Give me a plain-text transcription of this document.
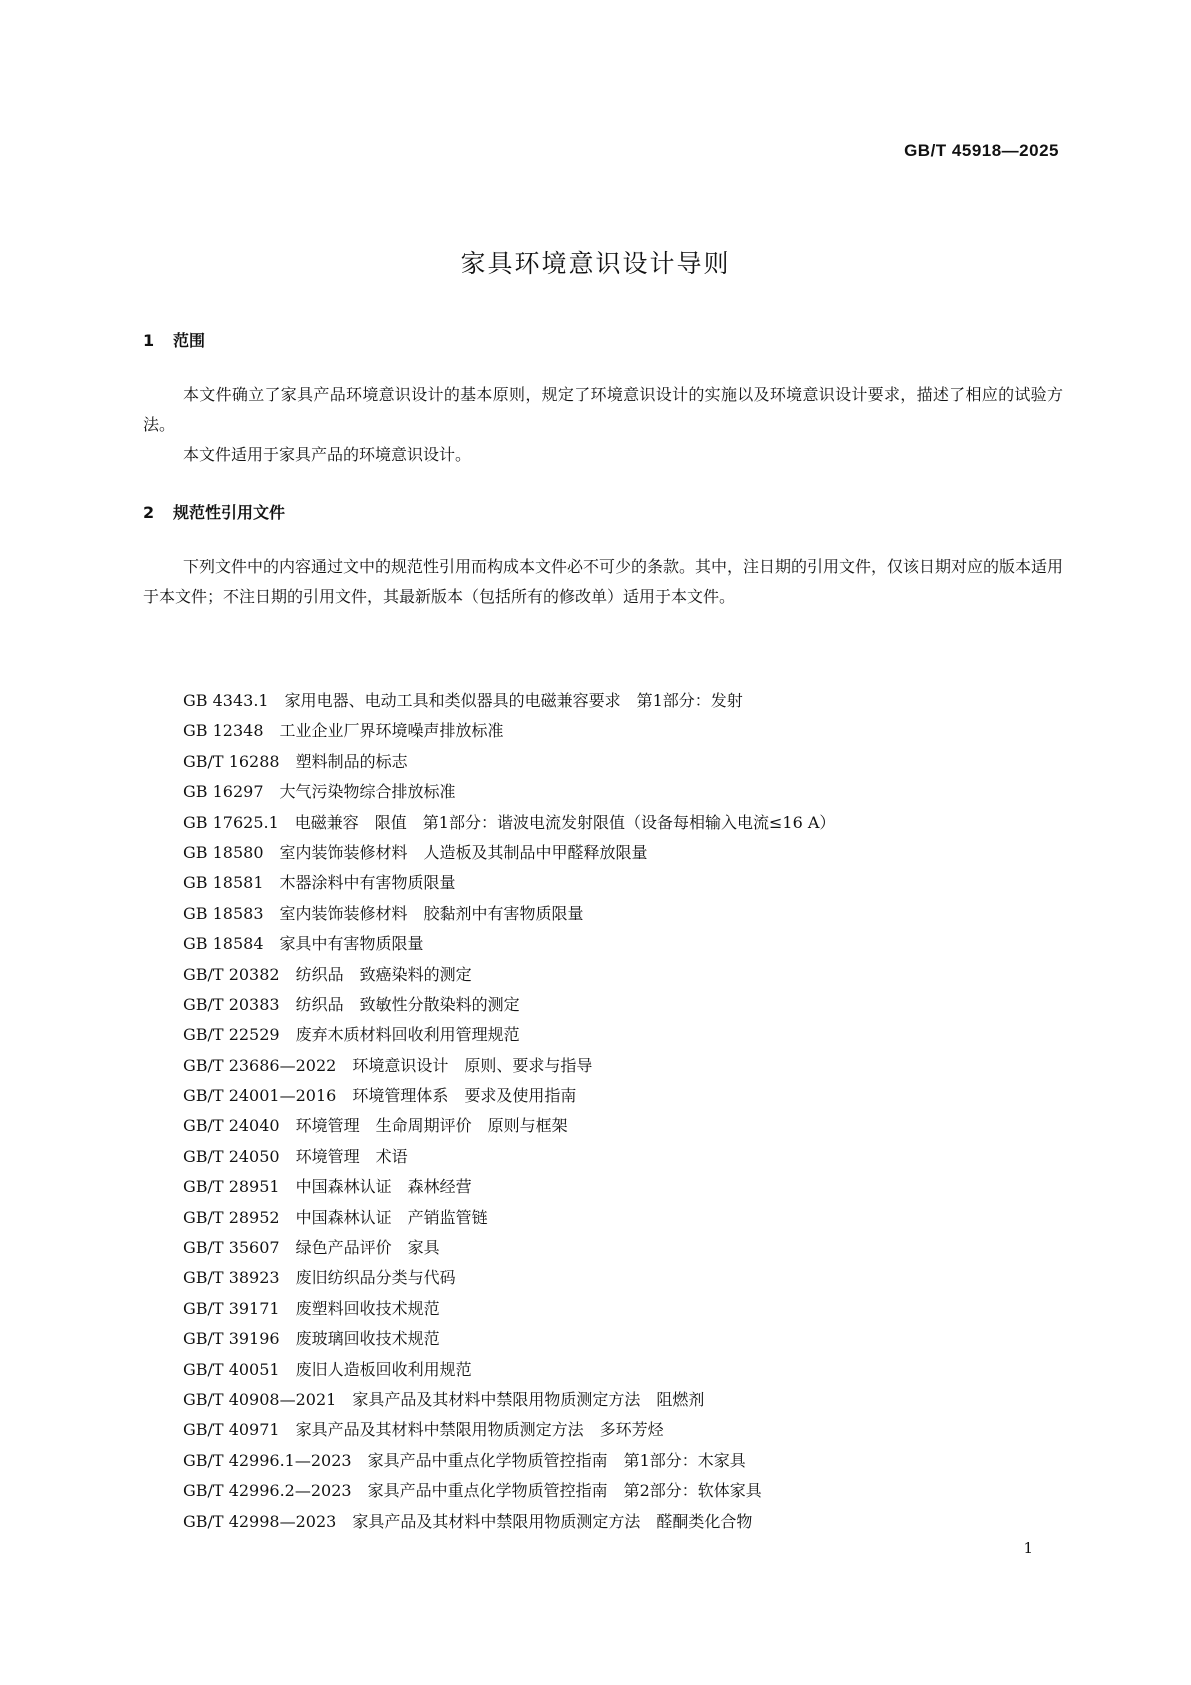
GB/T 45918—2025
家具环境意识设计导则
1 范围

本文件确立了家具产品环境意识设计的基本原则，规定了环境意识设计的实施以及环境意识设计要求，描述了相应的试验方法。

本文件适用于家具产品的环境意识设计。

2 规范性引用文件

下列文件中的内容通过文中的规范性引用而构成本文件必不可少的条款。其中，注日期的引用文件，仅该日期对应的版本适用于本文件；不注日期的引用文件，其最新版本（包括所有的修改单）适用于本文件。

GB 4343.1 家用电器、电动工具和类似器具的电磁兼容要求　第1部分：发射
GB 12348 工业企业厂界环境噪声排放标准
GB/T 16288 塑料制品的标志
GB 16297 大气污染物综合排放标准
GB 17625.1 电磁兼容　限值　第1部分：谐波电流发射限值（设备每相输入电流≤16 A）
GB 18580 室内装饰装修材料　人造板及其制品中甲醛释放限量
GB 18581 木器涂料中有害物质限量
GB 18583 室内装饰装修材料　胶黏剂中有害物质限量
GB 18584 家具中有害物质限量
GB/T 20382 纺织品　致癌染料的测定
GB/T 20383 纺织品　致敏性分散染料的测定
GB/T 22529 废弃木质材料回收利用管理规范
GB/T 23686—2022 环境意识设计　原则、要求与指导
GB/T 24001—2016 环境管理体系　要求及使用指南
GB/T 24040 环境管理　生命周期评价　原则与框架
GB/T 24050 环境管理　术语
GB/T 28951 中国森林认证　森林经营
GB/T 28952 中国森林认证　产销监管链
GB/T 35607 绿色产品评价　家具
GB/T 38923 废旧纺织品分类与代码
GB/T 39171 废塑料回收技术规范
GB/T 39196 废玻璃回收技术规范
GB/T 40051 废旧人造板回收利用规范
GB/T 40908—2021 家具产品及其材料中禁限用物质测定方法　阻燃剂
GB/T 40971 家具产品及其材料中禁限用物质测定方法　多环芳烃
GB/T 42996.1—2023 家具产品中重点化学物质管控指南　第1部分：木家具
GB/T 42996.2—2023 家具产品中重点化学物质管控指南　第2部分：软体家具
GB/T 42998—2023 家具产品及其材料中禁限用物质测定方法　醛酮类化合物
1
